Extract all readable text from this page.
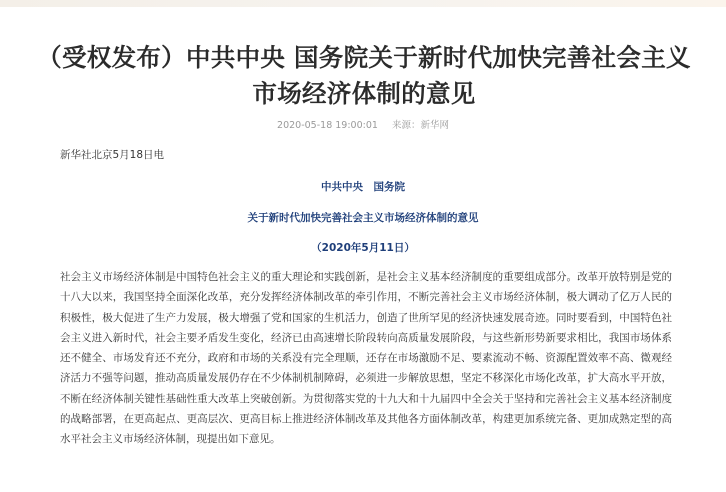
（受权发布）中共中央 国务院关于新时代加快完善社会主义市场经济体制的意见
2020-05-18 19:00:01 来源：新华网
新华社北京5月18日电
中共中央　国务院
关于新时代加快完善社会主义市场经济体制的意见
（2020年5月11日）

社会主义市场经济体制是中国特色社会主义的重大理论和实践创新，是社会主义基本经济制度的重要组成部分。改革开放特别是党的十八大以来，我国坚持全面深化改革，充分发挥经济体制改革的牵引作用，不断完善社会主义市场经济体制，极大调动了亿万人民的积极性，极大促进了生产力发展，极大增强了党和国家的生机活力，创造了世所罕见的经济快速发展奇迹。同时要看到，中国特色社会主义进入新时代，社会主要矛盾发生变化，经济已由高速增长阶段转向高质量发展阶段，与这些新形势新要求相比，我国市场体系还不健全、市场发育还不充分，政府和市场的关系没有完全理顺，还存在市场激励不足、要素流动不畅、资源配置效率不高、微观经济活力不强等问题，推动高质量发展仍存在不少体制机制障碍，必须进一步解放思想，坚定不移深化市场化改革，扩大高水平开放，不断在经济体制关键性基础性重大改革上突破创新。为贯彻落实党的十九大和十九届四中全会关于坚持和完善社会主义基本经济制度的战略部署，在更高起点、更高层次、更高目标上推进经济体制改革及其他各方面体制改革，构建更加系统完备、更加成熟定型的高水平社会主义市场经济体制，现提出如下意见。
